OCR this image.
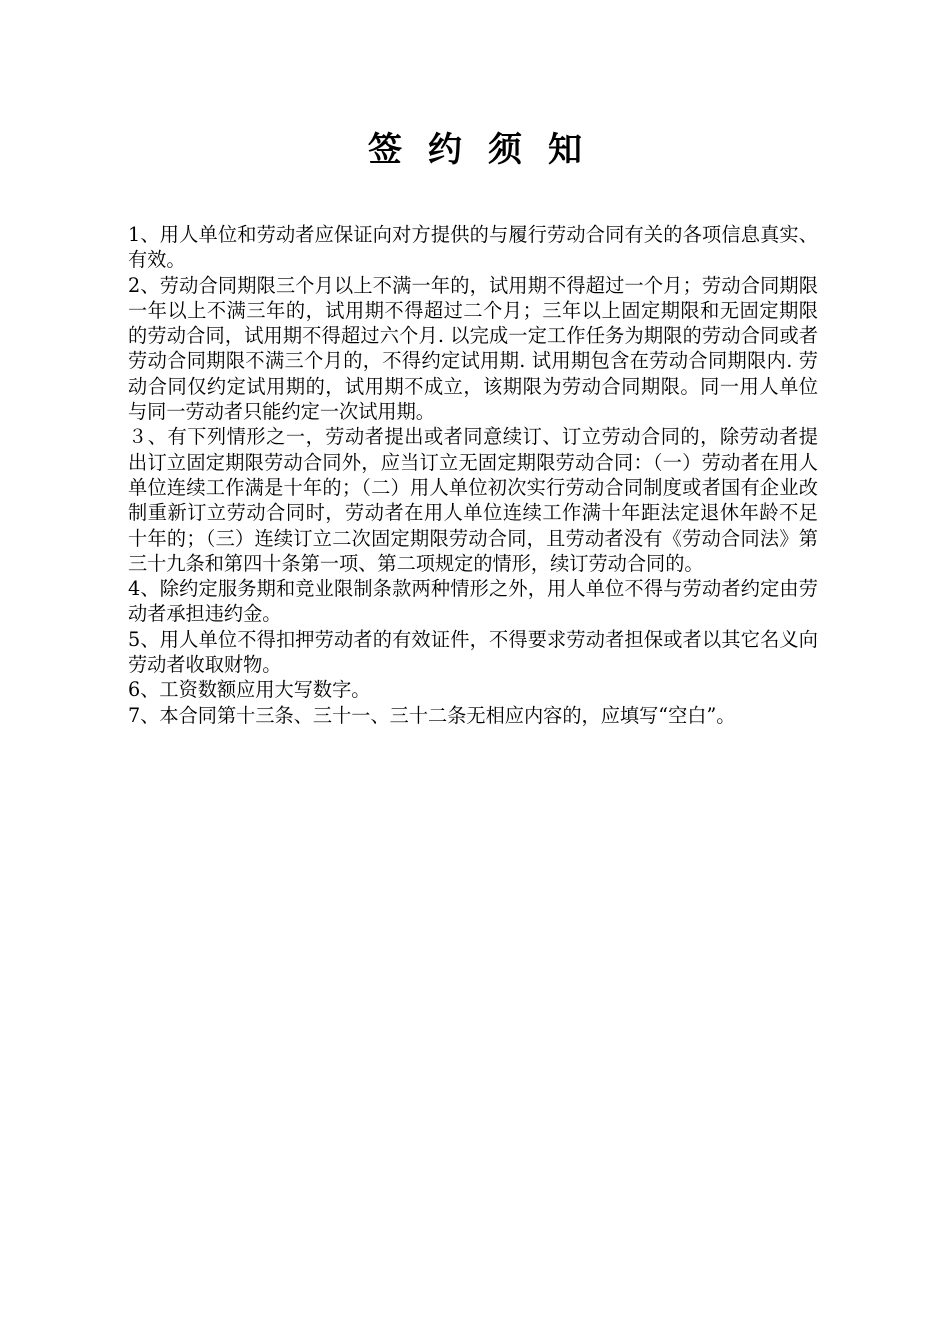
签约须知

1、用人单位和劳动者应保证向对方提供的与履行劳动合同有关的各项信息真实、有效。

2、劳动合同期限三个月以上不满一年的，试用期不得超过一个月；劳动合同期限一年以上不满三年的，试用期不得超过二个月；三年以上固定期限和无固定期限的劳动合同，试用期不得超过六个月. 以完成一定工作任务为期限的劳动合同或者劳动合同期限不满三个月的，不得约定试用期. 试用期包含在劳动合同期限内. 劳动合同仅约定试用期的，试用期不成立，该期限为劳动合同期限。同一用人单位与同一劳动者只能约定一次试用期。

３、有下列情形之一，劳动者提出或者同意续订、订立劳动合同的，除劳动者提出订立固定期限劳动合同外，应当订立无固定期限劳动合同：（一）劳动者在用人单位连续工作满是十年的；（二）用人单位初次实行劳动合同制度或者国有企业改制重新订立劳动合同时，劳动者在用人单位连续工作满十年距法定退休年龄不足十年的；（三）连续订立二次固定期限劳动合同，且劳动者没有《劳动合同法》第三十九条和第四十条第一项、第二项规定的情形，续订劳动合同的。

4、除约定服务期和竞业限制条款两种情形之外，用人单位不得与劳动者约定由劳动者承担违约金。

5、用人单位不得扣押劳动者的有效证件，不得要求劳动者担保或者以其它名义向劳动者收取财物。

6、工资数额应用大写数字。

7、本合同第十三条、三十一、三十二条无相应内容的，应填写“空白”。
